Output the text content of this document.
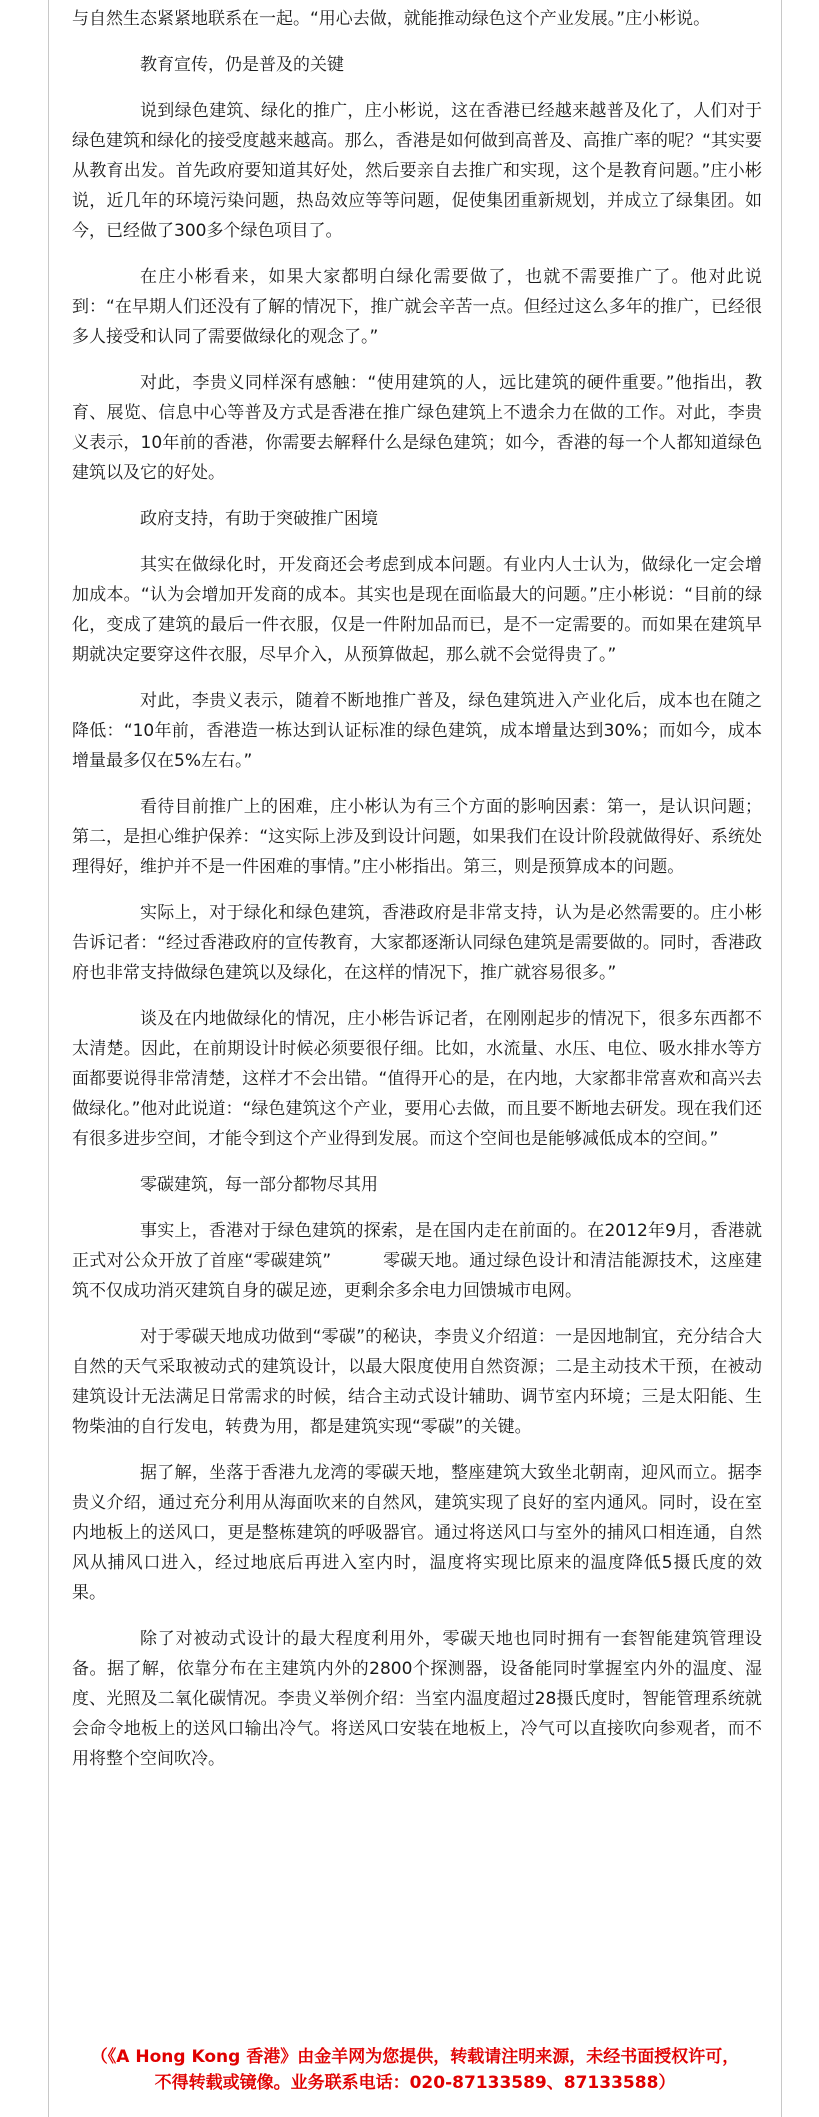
与自然生态紧紧地联系在一起。“用心去做，就能推动绿色这个产业发展。”庄小彬说。

教育宣传，仍是普及的关键

说到绿色建筑、绿化的推广，庄小彬说，这在香港已经越来越普及化了，人们对于绿色建筑和绿化的接受度越来越高。那么，香港是如何做到高普及、高推广率的呢？“其实要从教育出发。首先政府要知道其好处，然后要亲自去推广和实现，这个是教育问题。”庄小彬说，近几年的环境污染问题，热岛效应等等问题，促使集团重新规划，并成立了绿集团。如今，已经做了300多个绿色项目了。

在庄小彬看来，如果大家都明白绿化需要做了，也就不需要推广了。他对此说到：“在早期人们还没有了解的情况下，推广就会辛苦一点。但经过这么多年的推广，已经很多人接受和认同了需要做绿化的观念了。”

对此，李贵义同样深有感触：“使用建筑的人，远比建筑的硬件重要。”他指出，教育、展览、信息中心等普及方式是香港在推广绿色建筑上不遗余力在做的工作。对此，李贵义表示，10年前的香港，你需要去解释什么是绿色建筑；如今，香港的每一个人都知道绿色建筑以及它的好处。

政府支持，有助于突破推广困境

其实在做绿化时，开发商还会考虑到成本问题。有业内人士认为，做绿化一定会增加成本。“认为会增加开发商的成本。其实也是现在面临最大的问题。”庄小彬说：“目前的绿化，变成了建筑的最后一件衣服，仅是一件附加品而已，是不一定需要的。而如果在建筑早期就决定要穿这件衣服，尽早介入，从预算做起，那么就不会觉得贵了。”

对此，李贵义表示，随着不断地推广普及，绿色建筑进入产业化后，成本也在随之降低：“10年前，香港造一栋达到认证标准的绿色建筑，成本增量达到30%；而如今，成本增量最多仅在5%左右。”

看待目前推广上的困难，庄小彬认为有三个方面的影响因素：第一，是认识问题；第二，是担心维护保养：“这实际上涉及到设计问题，如果我们在设计阶段就做得好、系统处理得好，维护并不是一件困难的事情。”庄小彬指出。第三，则是预算成本的问题。

实际上，对于绿化和绿色建筑，香港政府是非常支持，认为是必然需要的。庄小彬告诉记者：“经过香港政府的宣传教育，大家都逐渐认同绿色建筑是需要做的。同时，香港政府也非常支持做绿色建筑以及绿化，在这样的情况下，推广就容易很多。”

谈及在内地做绿化的情况，庄小彬告诉记者，在刚刚起步的情况下，很多东西都不太清楚。因此，在前期设计时候必须要很仔细。比如，水流量、水压、电位、吸水排水等方面都要说得非常清楚，这样才不会出错。“值得开心的是，在内地，大家都非常喜欢和高兴去做绿化。”他对此说道：“绿色建筑这个产业，要用心去做，而且要不断地去研发。现在我们还有很多进步空间，才能令到这个产业得到发展。而这个空间也是能够减低成本的空间。”

零碳建筑，每一部分都物尽其用

事实上，香港对于绿色建筑的探索，是在国内走在前面的。在2012年9月，香港就正式对公众开放了首座“零碳建筑”　　　零碳天地。通过绿色设计和清洁能源技术，这座建筑不仅成功消灭建筑自身的碳足迹，更剩余多余电力回馈城市电网。

对于零碳天地成功做到“零碳”的秘诀，李贵义介绍道：一是因地制宜，充分结合大自然的天气采取被动式的建筑设计，以最大限度使用自然资源；二是主动技术干预，在被动建筑设计无法满足日常需求的时候，结合主动式设计辅助、调节室内环境；三是太阳能、生物柴油的自行发电，转费为用，都是建筑实现“零碳”的关键。

据了解，坐落于香港九龙湾的零碳天地，整座建筑大致坐北朝南，迎风而立。据李贵义介绍，通过充分利用从海面吹来的自然风，建筑实现了良好的室内通风。同时，设在室内地板上的送风口，更是整栋建筑的呼吸器官。通过将送风口与室外的捕风口相连通，自然风从捕风口进入，经过地底后再进入室内时，温度将实现比原来的温度降低5摄氏度的效果。

除了对被动式设计的最大程度利用外，零碳天地也同时拥有一套智能建筑管理设备。据了解，依靠分布在主建筑内外的2800个探测器，设备能同时掌握室内外的温度、湿度、光照及二氧化碳情况。李贵义举例介绍：当室内温度超过28摄氏度时，智能管理系统就会命令地板上的送风口输出冷气。将送风口安装在地板上，冷气可以直接吹向参观者，而不用将整个空间吹冷。

（《A Hong Kong 香港》由金羊网为您提供，转载请注明来源，未经书面授权许可，
不得转载或镜像。业务联系电话：020-87133589、87133588）
